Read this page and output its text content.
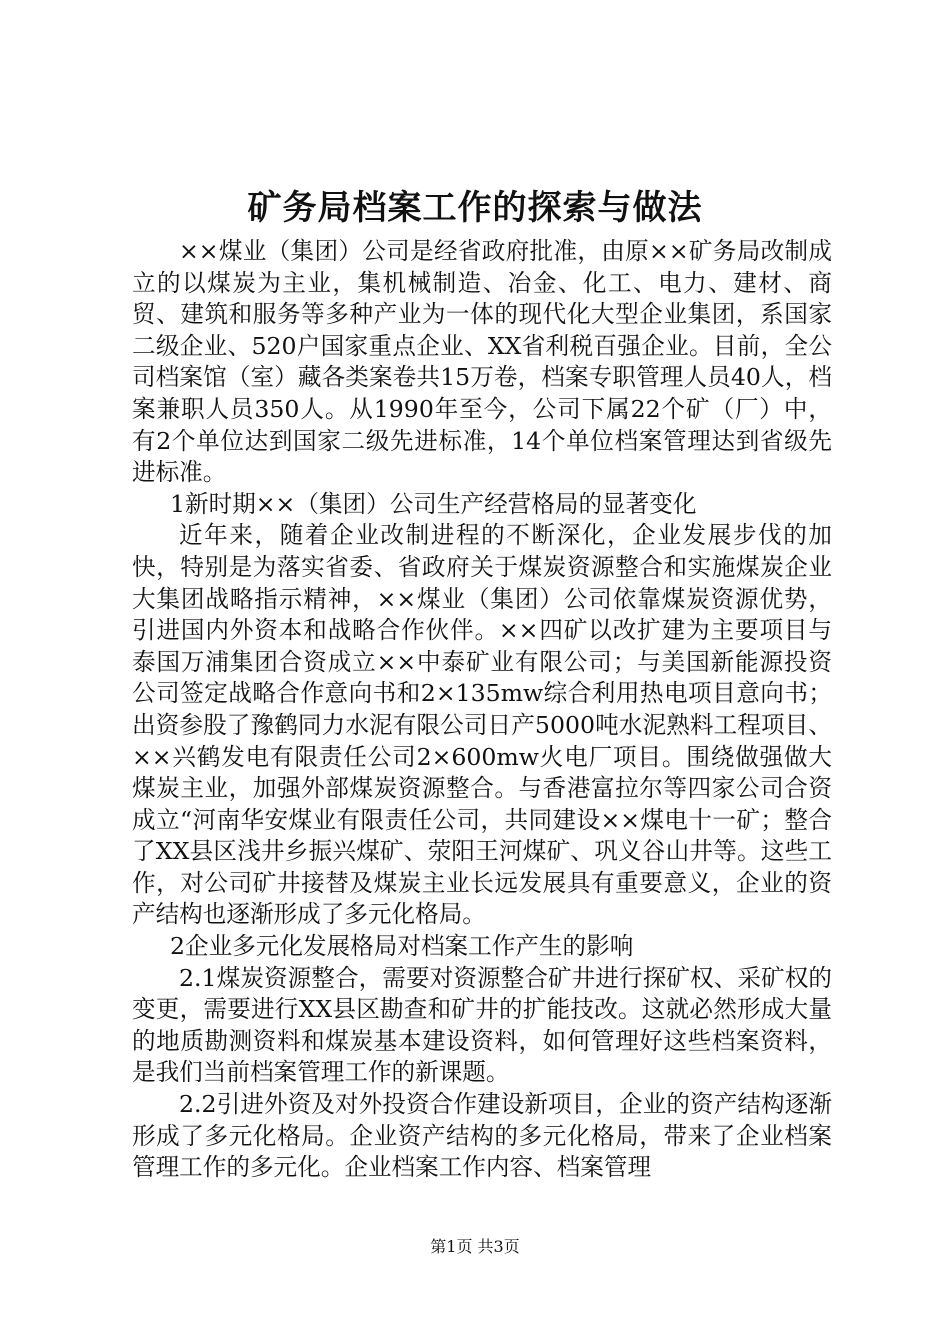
矿务局档案工作的探索与做法

××煤业（集团）公司是经省政府批准，由原××矿务局改制成立的以煤炭为主业，集机械制造、冶金、化工、电力、建材、商贸、建筑和服务等多种产业为一体的现代化大型企业集团，系国家二级企业、520户国家重点企业、XX省利税百强企业。目前，全公司档案馆（室）藏各类案卷共15万卷，档案专职管理人员40人，档案兼职人员350人。从1990年至今，公司下属22个矿（厂）中，有2个单位达到国家二级先进标准，14个单位档案管理达到省级先进标准。

1新时期××（集团）公司生产经营格局的显著变化

近年来，随着企业改制进程的不断深化，企业发展步伐的加快，特别是为落实省委、省政府关于煤炭资源整合和实施煤炭企业大集团战略指示精神，××煤业（集团）公司依靠煤炭资源优势，引进国内外资本和战略合作伙伴。××四矿以改扩建为主要项目与泰国万浦集团合资成立××中泰矿业有限公司；与美国新能源投资公司签定战略合作意向书和2×135mw综合利用热电项目意向书；出资参股了豫鹤同力水泥有限公司日产5000吨水泥熟料工程项目、××兴鹤发电有限责任公司2×600mw火电厂项目。围绕做强做大煤炭主业，加强外部煤炭资源整合。与香港富拉尔等四家公司合资成立“河南华安煤业有限责任公司，共同建设××煤电十一矿；整合了XX县区浅井乡振兴煤矿、荥阳王河煤矿、巩义谷山井等。这些工作，对公司矿井接替及煤炭主业长远发展具有重要意义，企业的资产结构也逐渐形成了多元化格局。

2企业多元化发展格局对档案工作产生的影响

2.1煤炭资源整合，需要对资源整合矿井进行探矿权、采矿权的变更，需要进行XX县区勘查和矿井的扩能技改。这就必然形成大量的地质勘测资料和煤炭基本建设资料，如何管理好这些档案资料，是我们当前档案管理工作的新课题。

2.2引进外资及对外投资合作建设新项目，企业的资产结构逐渐形成了多元化格局。企业资产结构的多元化格局，带来了企业档案管理工作的多元化。企业档案工作内容、档案管理

第1页 共3页
